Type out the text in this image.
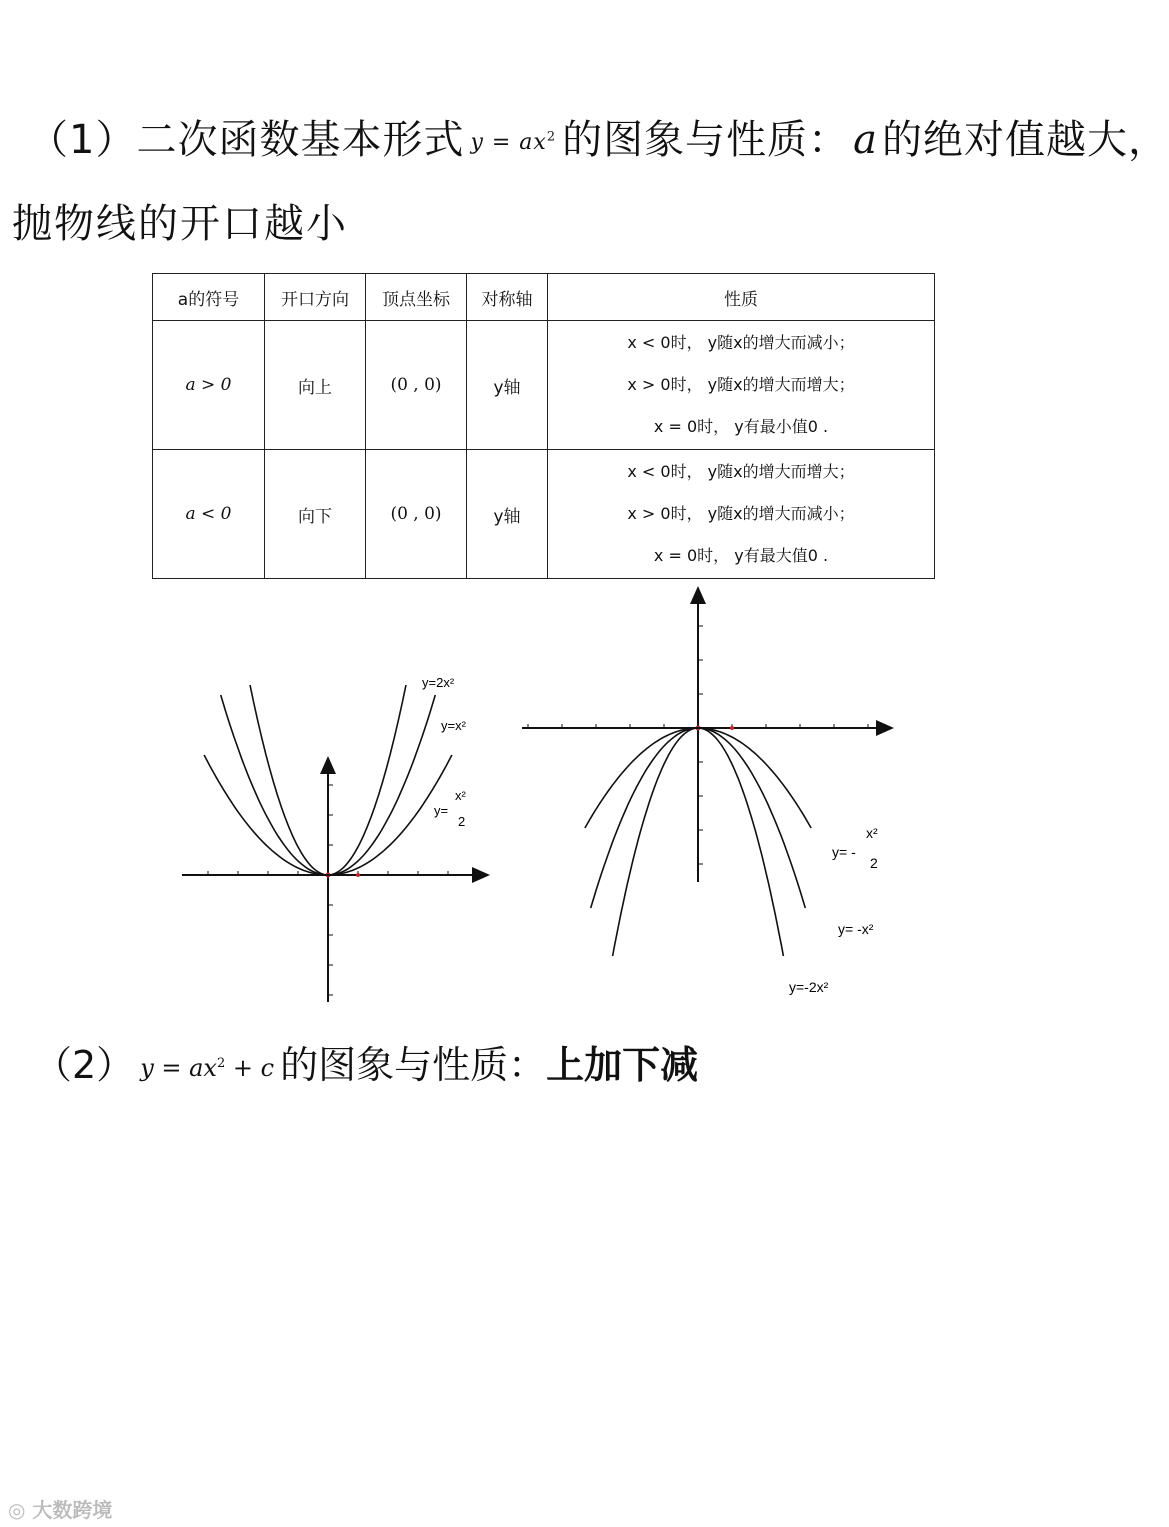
（1）二次函数基本形式 $y = ax^2$ 的图象与性质： a 的绝对值越大，
抛物线的开口越小
a的符号	开口方向	顶点坐标	对称轴	性质
a > 0	向上	(0 , 0)	y轴	x < 0时， y随x的增大而减小；
x > 0时， y随x的增大而增大；
x = 0时， y有最小值0 .

a < 0	向下	(0 , 0)	y轴	x < 0时， y随x的增大而增大；
x > 0时， y随x的增大而减小；
x = 0时， y有最大值0 .
y=2x²
y=x²
y=
x²
2
y= -
x²
2
y= -x²
y=-2x²
（2） $y = ax^2 + c$ 的图象与性质：上加下减
◎ 大数跨境
